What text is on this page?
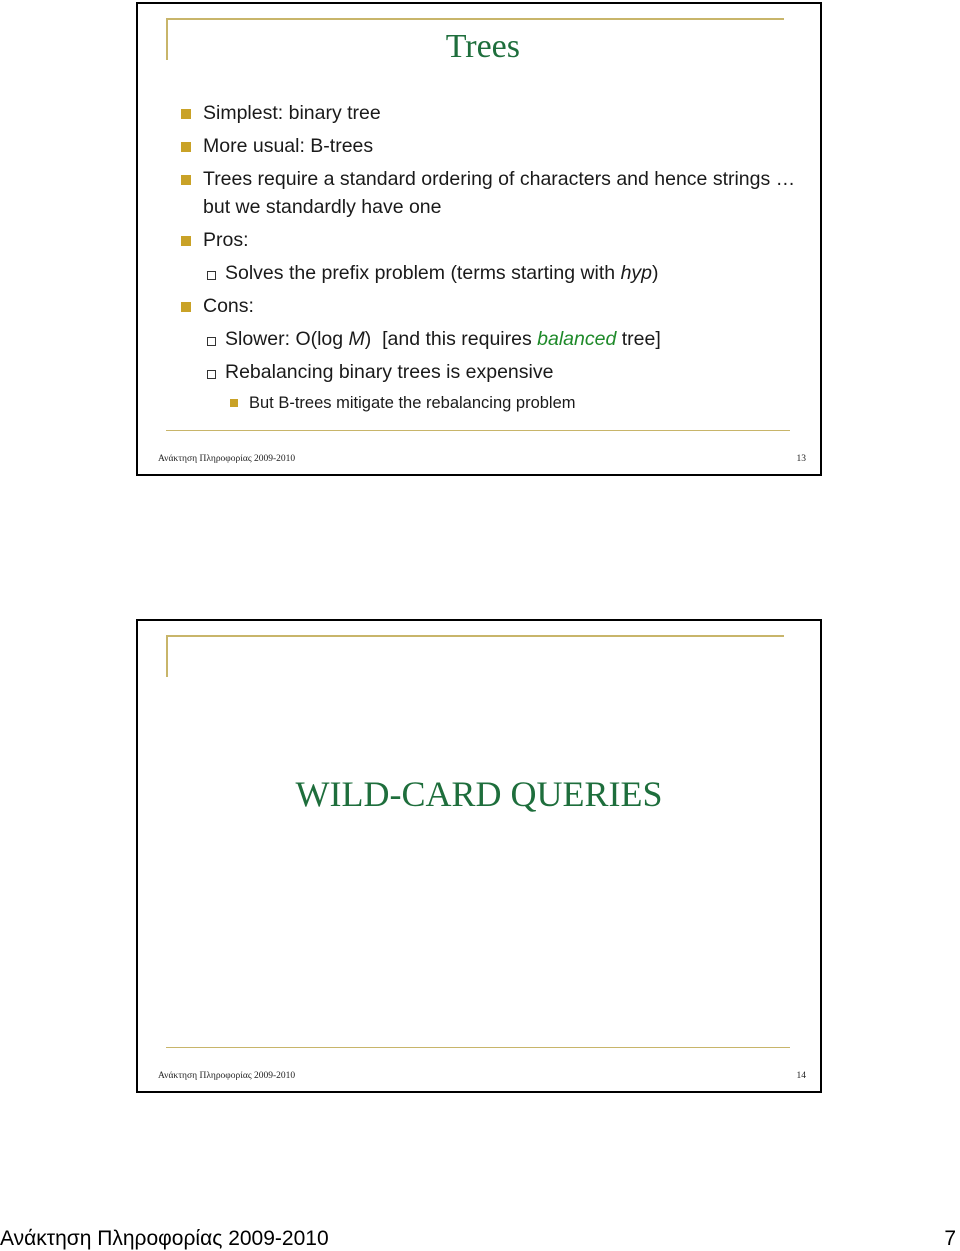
Trees
Simplest: binary tree
More usual: B-trees
Trees require a standard ordering of characters and hence strings … but we standardly have one
Pros:
Solves the prefix problem (terms starting with hyp)
Cons:
Slower: O(log M)  [and this requires balanced tree]
Rebalancing binary trees is expensive
But B-trees mitigate the rebalancing problem
Ανάκτηση Πληροφορίας 2009-2010	13
WILD-CARD QUERIES
Ανάκτηση Πληροφορίας 2009-2010	14
Ανάκτηση Πληροφορίας 2009-2010	7
